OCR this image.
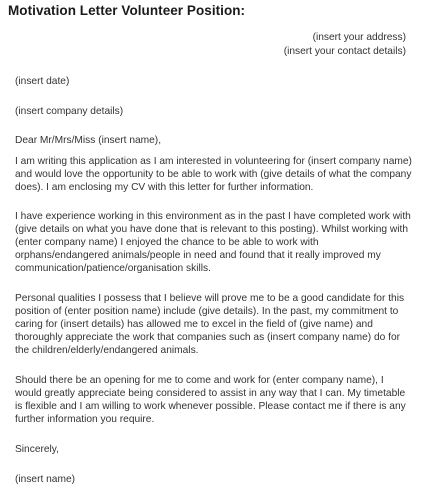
Motivation Letter Volunteer Position:
(insert your address)
(insert your contact details)
(insert date)
(insert company details)
Dear Mr/Mrs/Miss (insert name),
I am writing this application as I am interested in volunteering for (insert company name)
and would love the opportunity to be able to work with (give details of what the company
does). I am enclosing my CV with this letter for further information.
I have experience working in this environment as in the past I have completed work with
(give details on what you have done that is relevant to this posting). Whilst working with
(enter company name) I enjoyed the chance to be able to work with
orphans/endangered animals/people in need and found that it really improved my
communication/patience/organisation skills.
Personal qualities I possess that I believe will prove me to be a good candidate for this
position of (enter position name) include (give details). In the past, my commitment to
caring for (insert details) has allowed me to excel in the field of (give name) and
thoroughly appreciate the work that companies such as (insert company name) do for
the children/elderly/endangered animals.
Should there be an opening for me to come and work for (enter company name), I
would greatly appreciate being considered to assist in any way that I can. My timetable
is flexible and I am willing to work whenever possible. Please contact me if there is any
further information you require.
Sincerely,
(insert name)
